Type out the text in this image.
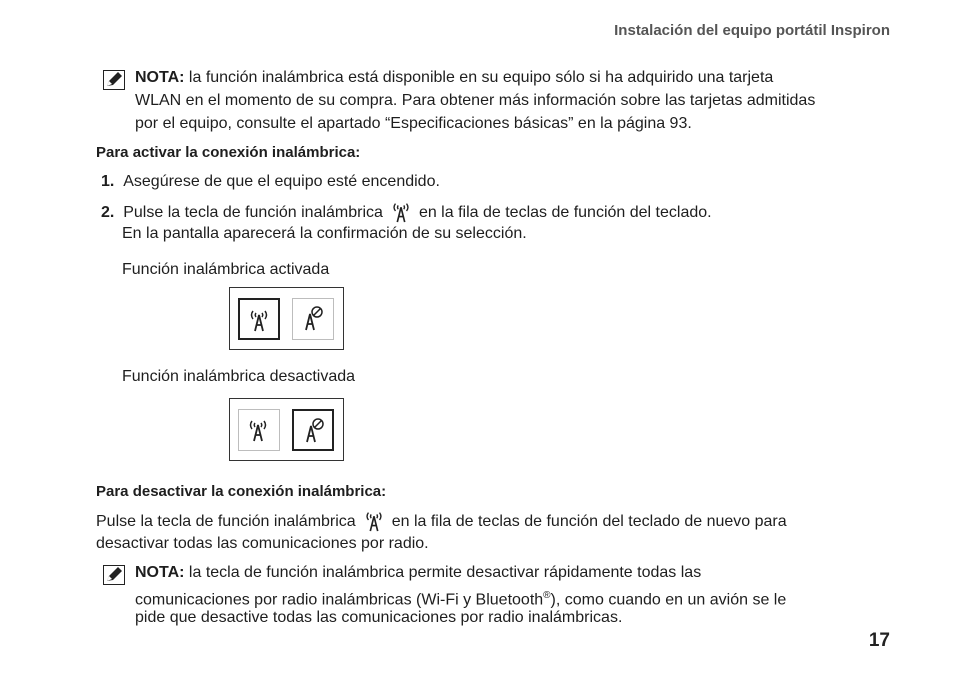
Instalación del equipo portátil Inspiron
NOTA: la función inalámbrica está disponible en su equipo sólo si ha adquirido una tarjeta
WLAN en el momento de su compra. Para obtener más información sobre las tarjetas admitidas
por el equipo, consulte el apartado “Especificaciones básicas” en la página 93.
Para activar la conexión inalámbrica:
1. Asegúrese de que el equipo esté encendido.
2. Pulse la tecla de función inalámbrica en la fila de teclas de función del teclado.
En la pantalla aparecerá la confirmación de su selección.
Función inalámbrica activada
Función inalámbrica desactivada
Para desactivar la conexión inalámbrica:
Pulse la tecla de función inalámbrica en la fila de teclas de función del teclado de nuevo para
desactivar todas las comunicaciones por radio.
NOTA: la tecla de función inalámbrica permite desactivar rápidamente todas las
comunicaciones por radio inalámbricas (Wi-Fi y Bluetooth®), como cuando en un avión se le
pide que desactive todas las comunicaciones por radio inalámbricas.
17
